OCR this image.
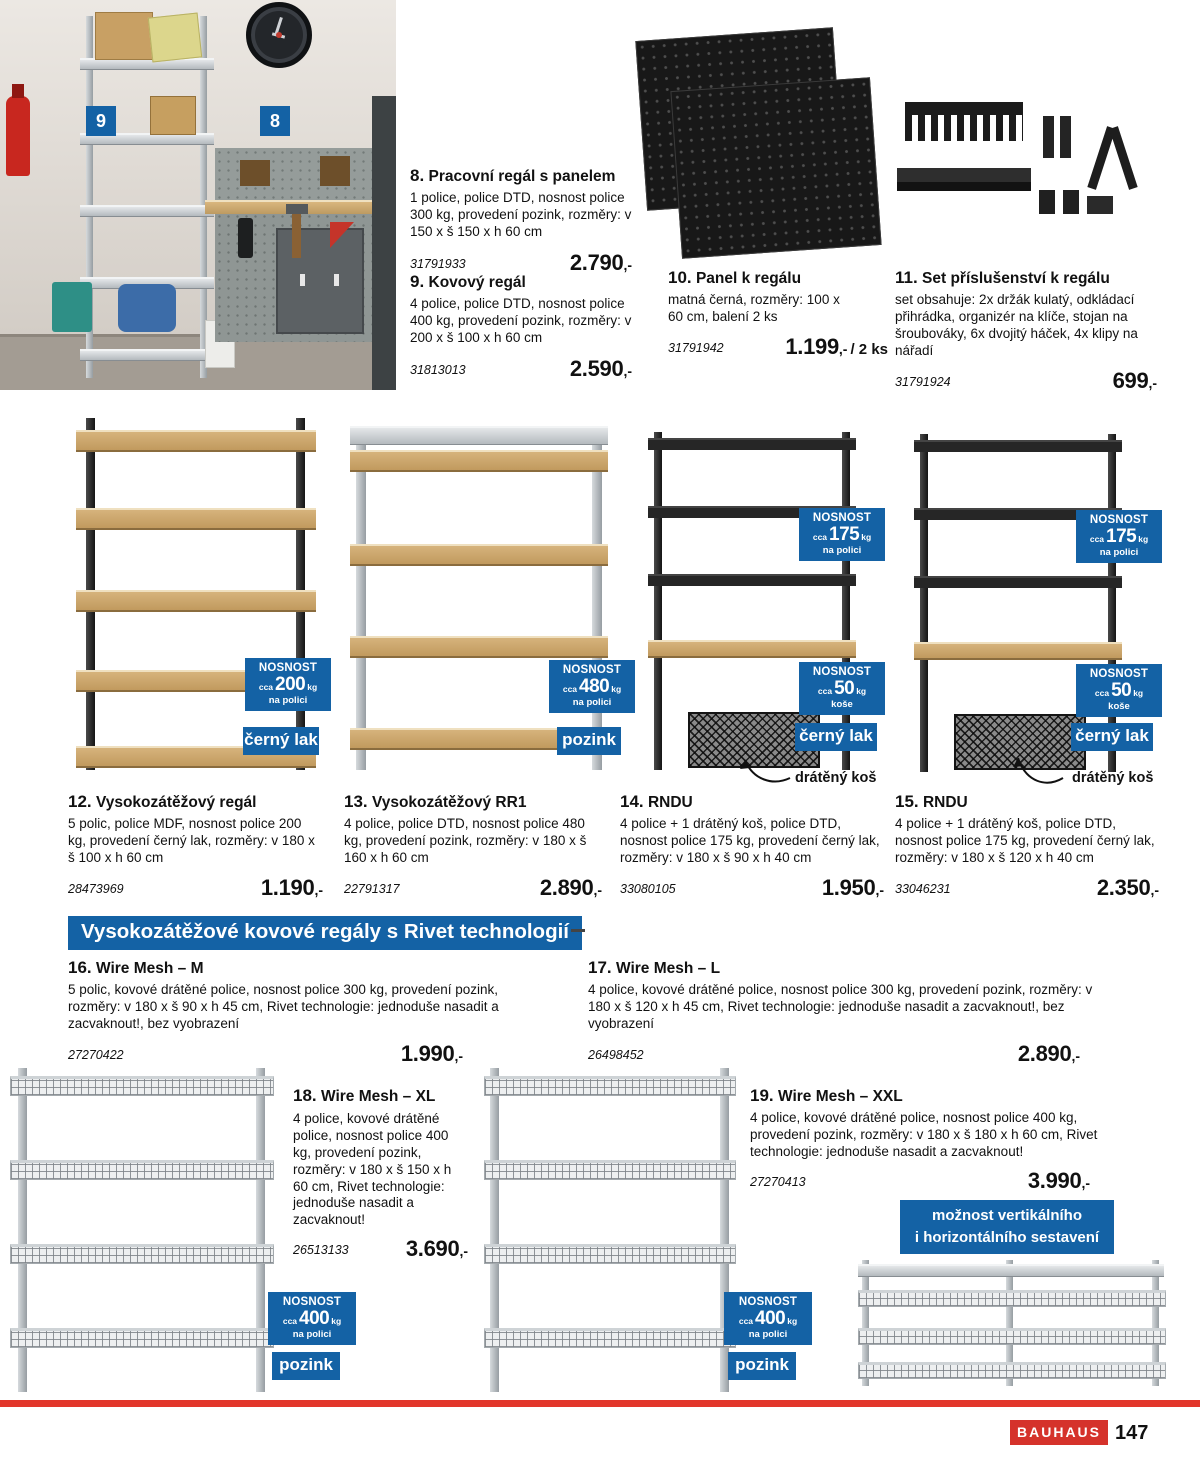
9	8
8. Pracovní regál s panelem
1 police, police DTD, nosnost police 300 kg, provedení pozink, rozměry: v 150 x š 150 x h 60 cm
31791933	2.790 ,-
9. Kovový regál
4 police, police DTD, nosnost police 400 kg, provedení pozink, rozměry: v 200 x š 100 x h 60 cm
31813013	2.590 ,-
10. Panel k regálu
matná černá, rozměry: 100 x 60 cm, balení 2 ks
31791942	1.199 ,- / 2 ks
11. Set příslušenství k regálu
set obsahuje: 2x držák kulatý, odkládací přihrádka, organizér na klíče, stojan na šroubováky, 6x dvojitý háček, 4x klipy na nářadí
31791924	699 ,-
NOSNOST
cca 200 kg
na polici
černý lak
NOSNOST
cca 480 kg
na polici
pozink
NOSNOST
cca 175 kg
na polici
NOSNOST
cca 50 kg
koše
černý lak
drátěný koš
NOSNOST
cca 175 kg
na polici
NOSNOST
cca 50 kg
koše
černý lak
drátěný koš
12. Vysokozátěžový regál
5 polic, police MDF, nosnost police 200 kg, provedení černý lak, rozměry: v 180 x š 100 x h 60 cm
28473969	1.190 ,-
13. Vysokozátěžový RR1
4 police, police DTD, nosnost police 480 kg, provedení pozink, rozměry: v 180 x š 160 x h 60 cm
22791317	2.890 ,-
14. RNDU
4 police + 1 drátěný koš, police DTD, nosnost police 175 kg, provedení černý lak, rozměry: v 180 x š 90 x h 40 cm
33080105	1.950 ,-
15. RNDU
4 police + 1 drátěný koš, police DTD, nosnost police 175 kg, provedení černý lak, rozměry: v 180 x š 120 x h 40 cm
33046231	2.350 ,-
Vysokozátěžové kovové regály s Rivet technologií
16. Wire Mesh – M
5 polic, kovové drátěné police, nosnost police 300 kg, provedení pozink, rozměry: v 180 x š 90 x h 45 cm, Rivet technologie: jednoduše nasadit a zacvaknout!, bez vyobrazení
27270422	1.990 ,-
17. Wire Mesh – L
4 police, kovové drátěné police, nosnost police 300 kg, provedení pozink, rozměry: v 180 x š 120 x h 45 cm, Rivet technologie: jednoduše nasadit a zacvaknout!, bez vyobrazení
26498452	2.890 ,-
NOSNOST
cca 400 kg
na polici
pozink
18. Wire Mesh – XL
4 police, kovové drátěné police, nosnost police 400 kg, provedení pozink, rozměry: v 180 x š 150 x h 60 cm, Rivet technologie: jednoduše nasadit a zacvaknout!
26513133	3.690 ,-
NOSNOST
cca 400 kg
na polici
pozink
19. Wire Mesh – XXL
4 police, kovové drátěné police, nosnost police 400 kg, provedení pozink, rozměry: v 180 x š 180 x h 60 cm, Rivet technologie: jednoduše nasadit a zacvaknout!
27270413	3.990 ,-
možnost vertikálního
i horizontálního sestavení
BAUHAUS 147
